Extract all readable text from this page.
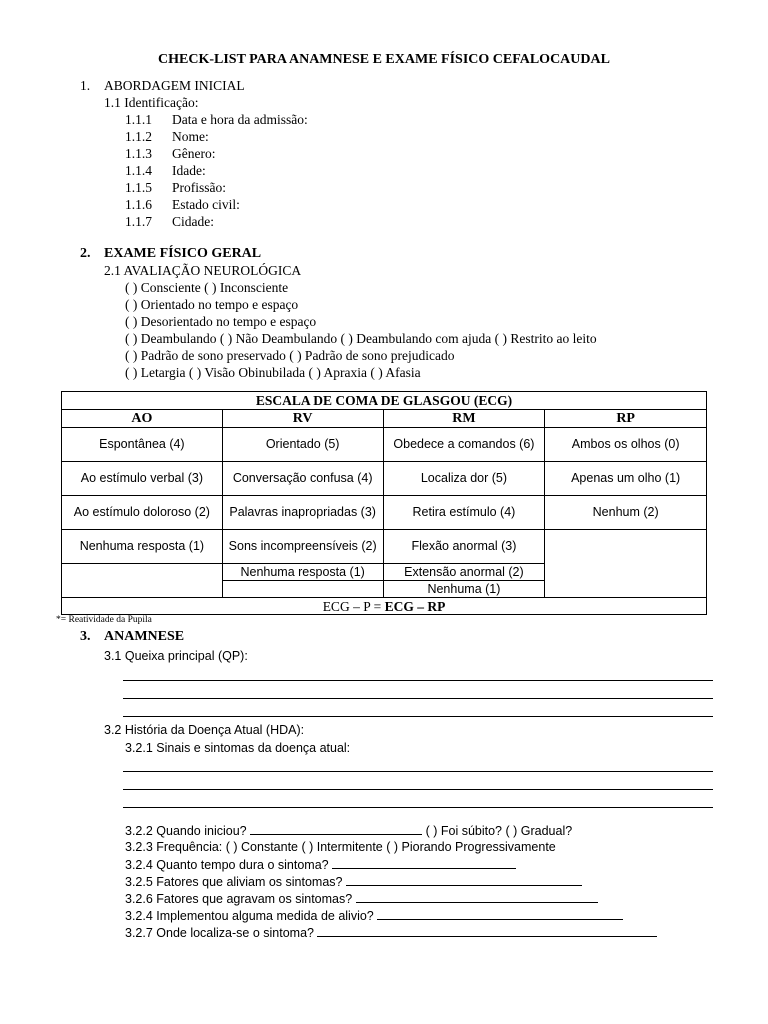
CHECK-LIST PARA ANAMNESE E EXAME FÍSICO CEFALOCAUDAL
1. ABORDAGEM INICIAL
1.1 Identificação:
1.1.1 Data e hora da admissão:
1.1.2 Nome:
1.1.3 Gênero:
1.1.4 Idade:
1.1.5 Profissão:
1.1.6 Estado civil:
1.1.7 Cidade:
2. EXAME FÍSICO GERAL
2.1 AVALIAÇÃO NEUROLÓGICA
( ) Consciente ( ) Inconsciente
( ) Orientado no tempo e espaço
( ) Desorientado no tempo e espaço
( ) Deambulando ( ) Não Deambulando ( ) Deambulando com ajuda ( ) Restrito ao leito
( ) Padrão de sono preservado ( ) Padrão de sono prejudicado
( ) Letargia ( ) Visão Obinubilada ( ) Apraxia ( ) Afasia
ESCALA DE COMA DE GLASGOU (ECG)			
AO	RV	RM	RP
Espontânea (4)	Orientado (5)	Obedece a comandos (6)	Ambos os olhos (0)
Ao estímulo verbal (3)	Conversação confusa (4)	Localiza dor (5)	Apenas um olho (1)
Ao estímulo doloroso (2)	Palavras inapropriadas (3)	Retira estímulo (4)	Nenhum (2)
Nenhuma resposta (1)	Sons incompreensíveis (2)	Flexão anormal (3)	
	Nenhuma resposta (1)	Extensão anormal (2)	
		Nenhuma (1)	
ECG – P = ECG – RP			
*= Reatividade da Pupila
3. ANAMNESE
3.1 Queixa principal (QP):
3.2 História da Doença Atual (HDA):
3.2.1 Sinais e sintomas da doença atual:
3.2.2 Quando iniciou?	( ) Foi súbito? ( ) Gradual?
3.2.3 Frequência: ( ) Constante ( ) Intermitente ( ) Piorando Progressivamente
3.2.4 Quanto tempo dura o sintoma?
3.2.5 Fatores que aliviam os sintomas?
3.2.6 Fatores que agravam os sintomas?
3.2.4 Implementou alguma medida de alivio?
3.2.7 Onde localiza-se o sintoma?
